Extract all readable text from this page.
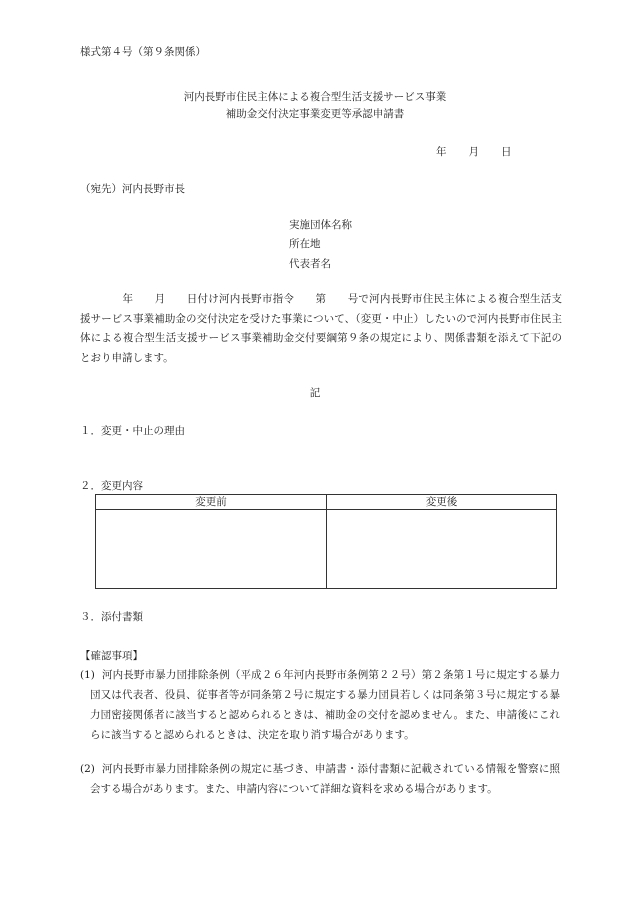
様式第４号（第９条関係）
河内長野市住民主体による複合型生活支援サービス事業
補助金交付決定事業変更等承認申請書
年 月 日
（宛先）河内長野市長
実施団体名称
所在地
代表者名
　　年　　月　　日付け河内長野市指令　　第　　号で河内長野市住民主体による複合型生活支援サービス事業補助金の交付決定を受けた事業について、（変更・中止）したいので河内長野市住民主体による複合型生活支援サービス事業補助金交付要綱第９条の規定により、関係書類を添えて下記のとおり申請します。
記
１．変更・中止の理由
２．変更内容
変更前	変更後
３．添付書類
【確認事項】
(1) 河内長野市暴力団排除条例（平成２６年河内長野市条例第２２号）第２条第１号に規定する暴力団又は代表者、役員、従事者等が同条第２号に規定する暴力団員若しくは同条第３号に規定する暴力団密接関係者に該当すると認められるときは、補助金の交付を認めません。また、申請後にこれらに該当すると認められるときは、決定を取り消す場合があります。
(2) 河内長野市暴力団排除条例の規定に基づき、申請書・添付書類に記載されている情報を警察に照会する場合があります。また、申請内容について詳細な資料を求める場合があります。
